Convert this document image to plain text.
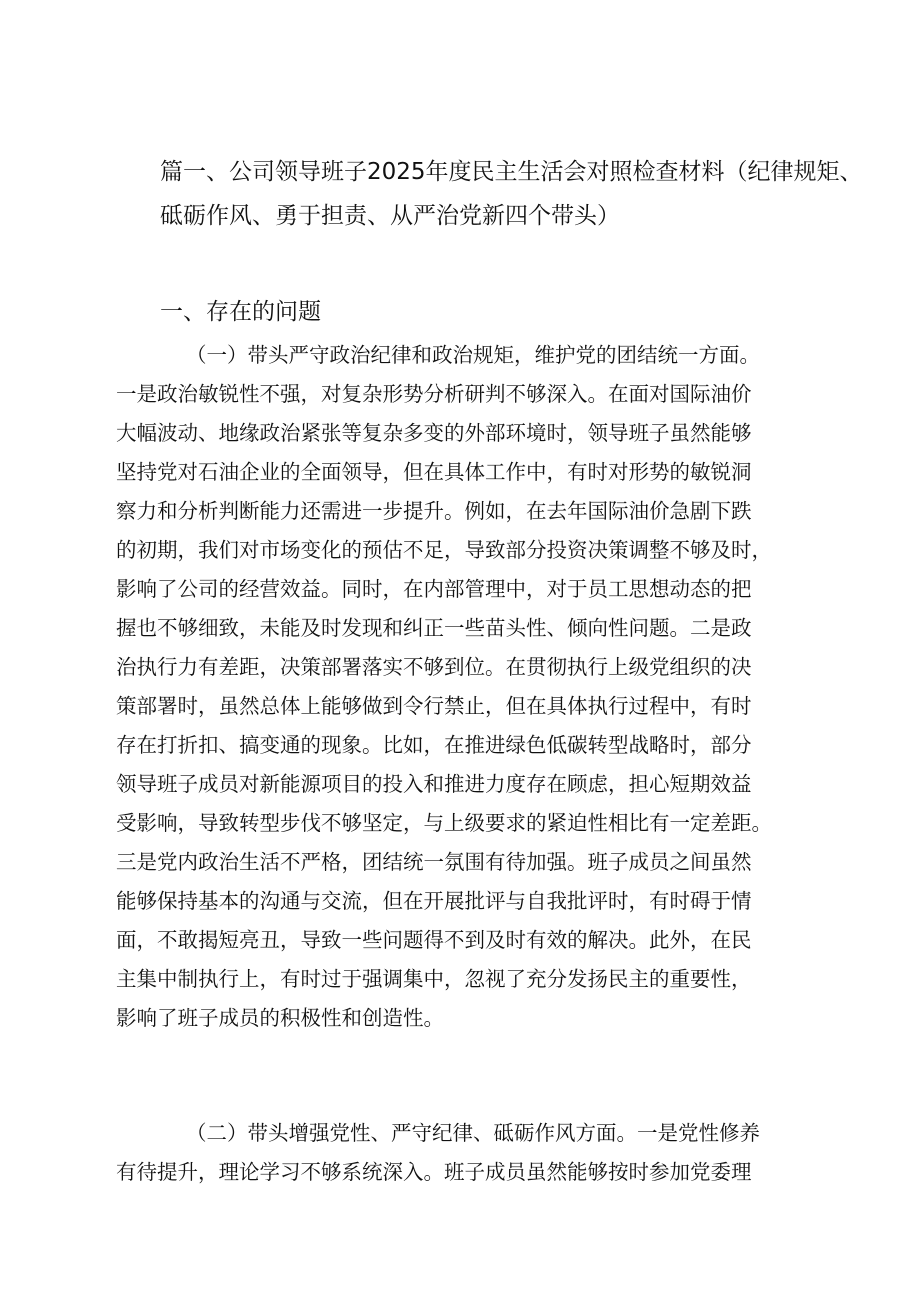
篇一、公司领导班子2025年度民主生活会对照检查材料（纪律规矩、
砥砺作风、勇于担责、从严治党新四个带头）
一、存在的问题
（一）带头严守政治纪律和政治规矩，维护党的团结统一方面。
一是政治敏锐性不强，对复杂形势分析研判不够深入。在面对国际油价
大幅波动、地缘政治紧张等复杂多变的外部环境时，领导班子虽然能够
坚持党对石油企业的全面领导，但在具体工作中，有时对形势的敏锐洞
察力和分析判断能力还需进一步提升。例如，在去年国际油价急剧下跌
的初期，我们对市场变化的预估不足，导致部分投资决策调整不够及时，
影响了公司的经营效益。同时，在内部管理中，对于员工思想动态的把
握也不够细致，未能及时发现和纠正一些苗头性、倾向性问题。二是政
治执行力有差距，决策部署落实不够到位。在贯彻执行上级党组织的决
策部署时，虽然总体上能够做到令行禁止，但在具体执行过程中，有时
存在打折扣、搞变通的现象。比如，在推进绿色低碳转型战略时，部分
领导班子成员对新能源项目的投入和推进力度存在顾虑，担心短期效益
受影响，导致转型步伐不够坚定，与上级要求的紧迫性相比有一定差距。
三是党内政治生活不严格，团结统一氛围有待加强。班子成员之间虽然
能够保持基本的沟通与交流，但在开展批评与自我批评时，有时碍于情
面，不敢揭短亮丑，导致一些问题得不到及时有效的解决。此外，在民
主集中制执行上，有时过于强调集中，忽视了充分发扬民主的重要性，
影响了班子成员的积极性和创造性。
（二）带头增强党性、严守纪律、砥砺作风方面。一是党性修养
有待提升，理论学习不够系统深入。班子成员虽然能够按时参加党委理
